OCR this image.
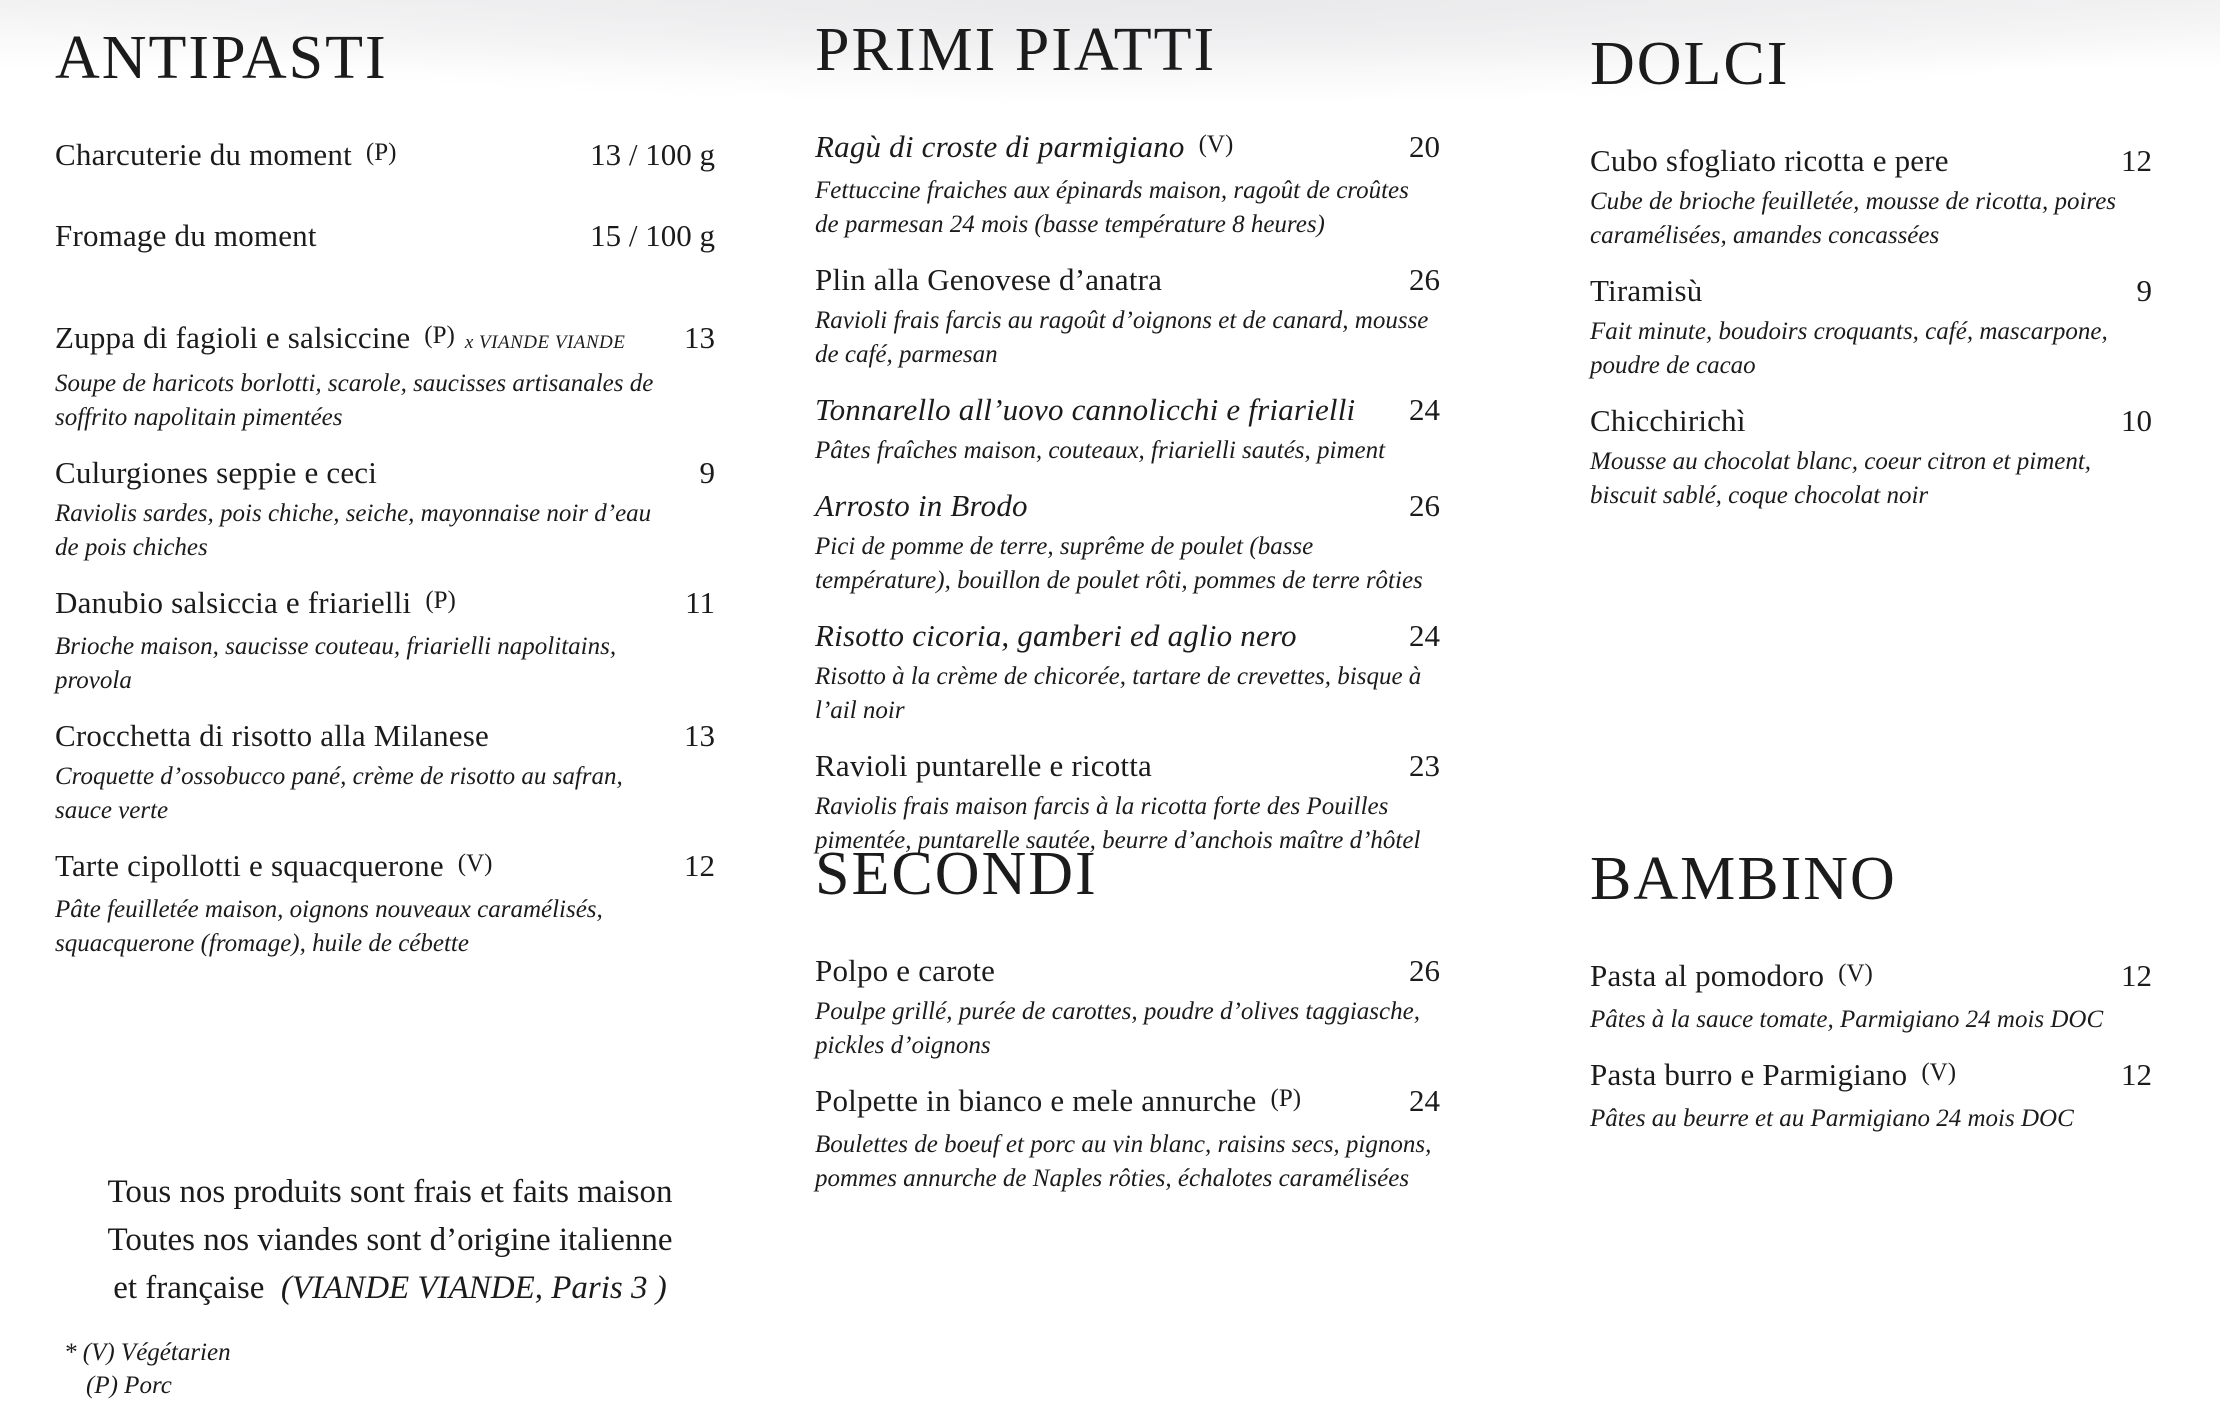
ANTIPASTI
Charcuterie du moment (P)	13 / 100 g
Fromage du moment	15 / 100 g
Zuppa di fagioli e salsiccine (P) x VIANDE VIANDE	13
Soupe de haricots borlotti, scarole, saucisses artisanales de soffrito napolitain pimentées
Culurgiones seppie e ceci	9
Raviolis sardes, pois chiche, seiche, mayonnaise noir d’eau de pois chiches
Danubio salsiccia e friarielli (P)	11
Brioche maison, saucisse couteau, friarielli napolitains, provola
Crocchetta di risotto alla Milanese	13
Croquette d’ossobucco pané, crème de risotto au safran, sauce verte
Tarte cipollotti e squacquerone (V)	12
Pâte feuilletée maison, oignons nouveaux caramélisés, squacquerone (fromage), huile de cébette
PRIMI PIATTI
Ragù di croste di parmigiano (V)	20
Fettuccine fraiches aux épinards maison, ragoût de croûtes de parmesan 24 mois (basse température 8 heures)
Plin alla Genovese d’anatra	26
Ravioli frais farcis au ragoût d’oignons et de canard, mousse de café, parmesan
Tonnarello all’uovo cannolicchi e friarielli	24
Pâtes fraîches maison, couteaux, friarielli sautés, piment
Arrosto in Brodo	26
Pici de pomme de terre, suprême de poulet (basse température), bouillon de poulet rôti, pommes de terre rôties
Risotto cicoria, gamberi ed aglio nero	24
Risotto à la crème de chicorée, tartare de crevettes, bisque à l’ail noir
Ravioli puntarelle e ricotta	23
Raviolis frais maison farcis à la ricotta forte des Pouilles pimentée, puntarelle sautée, beurre d’anchois maître d’hôtel
SECONDI
Polpo e carote	26
Poulpe grillé, purée de carottes, poudre d’olives taggiasche, pickles d’oignons
Polpette in bianco e mele annurche (P)	24
Boulettes de boeuf et porc au vin blanc, raisins secs, pignons, pommes annurche de Naples rôties, échalotes caramélisées
DOLCI
Cubo sfogliato ricotta e pere	12
Cube de brioche feuilletée, mousse de ricotta, poires caramélisées, amandes concassées
Tiramisù	9
Fait minute, boudoirs croquants, café, mascarpone, poudre de cacao
Chicchirichì	10
Mousse au chocolat blanc, coeur citron et piment, biscuit sablé, coque chocolat noir
BAMBINO
Pasta al pomodoro (V)	12
Pâtes à la sauce tomate, Parmigiano 24 mois DOC
Pasta burro e Parmigiano (V)	12
Pâtes au beurre et au Parmigiano 24 mois DOC
Tous nos produits sont frais et faits maison
Toutes nos viandes sont d’origine italienne
et française (VIANDE VIANDE, Paris 3 )
* (V) Végétarien
(P) Porc
